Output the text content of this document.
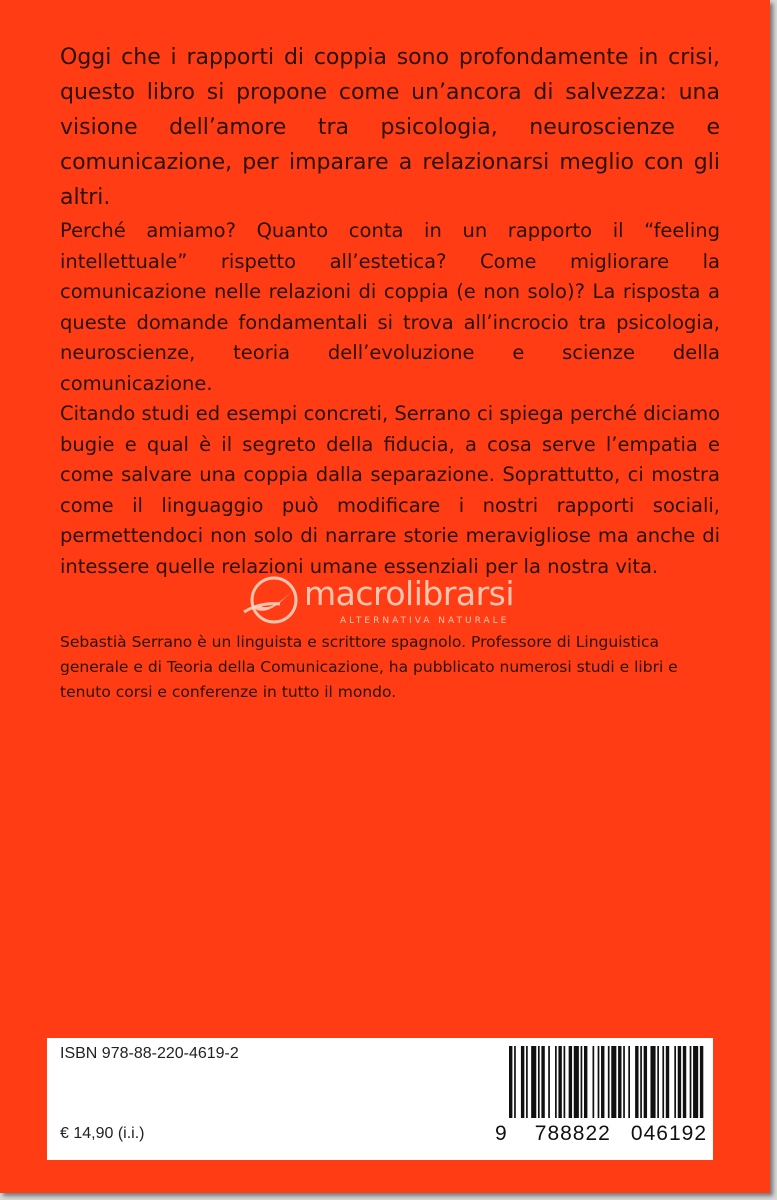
Oggi che i rapporti di coppia sono profondamente in crisi, questo libro si propone come un’ancora di salvezza: una visione dell’amore tra psicologia, neuroscienze e comunicazione, per imparare a relazionarsi meglio con gli altri.

Perché amiamo? Quanto conta in un rapporto il “feeling intellettuale” rispetto all’estetica? Come migliorare la comunicazione nelle relazioni di coppia (e non solo)? La risposta a queste domande fondamentali si trova all’incrocio tra psicologia, neuroscienze, teoria dell’evoluzione e scienze della comunicazione.

Citando studi ed esempi concreti, Serrano ci spiega perché diciamo bugie e qual è il segreto della fiducia, a cosa serve l’empatia e come salvare una coppia dalla separazione. Soprattutto, ci mostra come il linguaggio può modificare i nostri rapporti sociali, permettendoci non solo di narrare storie meravigliose ma anche di intessere quelle relazioni umane essenziali per la nostra vita.

macrolibrarsi
ALTERNATIVA NATURALE

Sebastià Serrano è un linguista e scrittore spagnolo. Professore di Linguistica generale e di Teoria della Comunicazione, ha pubblicato numerosi studi e libri e tenuto corsi e conferenze in tutto il mondo.

ISBN 978-88-220-4619-2
€ 14,90 (i.i.)	9 788822 046192
